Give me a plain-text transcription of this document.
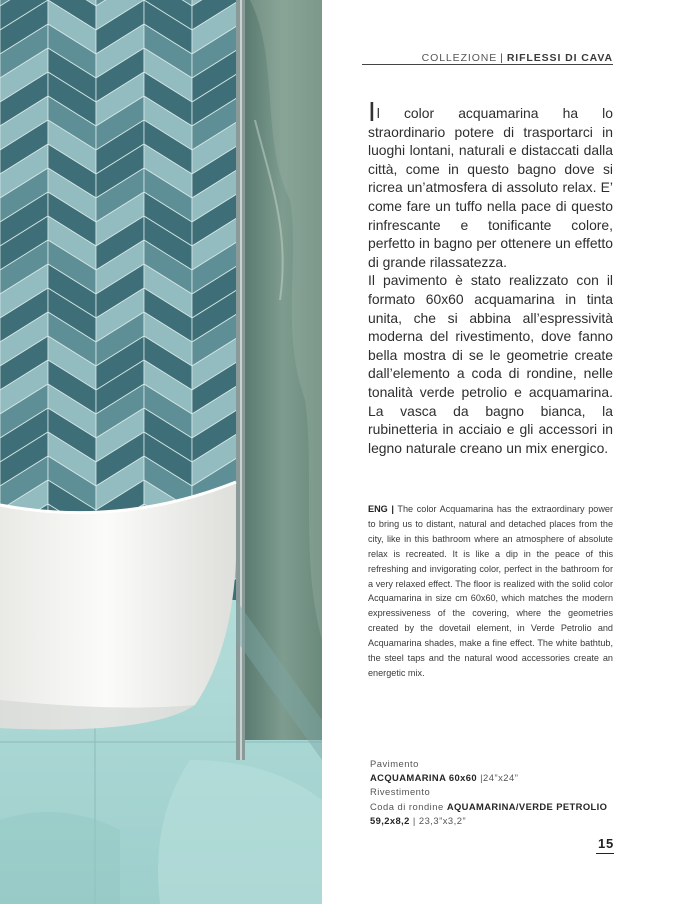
COLLEZIONE | RIFLESSI DI CAVA

Il color acquamarina ha lo straordinario potere di trasportarci in luoghi lontani, naturali e distaccati dalla città, come in questo bagno dove si ricrea un’atmosfera di assoluto relax. E’ come fare un tuffo nella pace di questo rinfrescante e tonificante colore, perfetto in bagno per ottenere un effetto di grande rilassatezza.

Il pavimento è stato realizzato con il formato 60x60 acquamarina in tinta unita, che si abbina all’espressività moderna del rivestimento, dove fanno bella mostra di se le geometrie create dall’elemento a coda di rondine, nelle tonalità verde petrolio e acquamarina. La vasca da bagno bianca, la rubinetteria in acciaio e gli accessori in legno naturale creano un mix energico.

ENG | The color Acquamarina has the extraordinary power to bring us to distant, natural and detached places from the city, like in this bathroom where an atmosphere of absolute relax is recreated. It is like a dip in the peace of this refreshing and invigorating color, perfect in the bathroom for a very relaxed effect. The floor is realized with the solid color Acquamarina in size cm 60x60, which matches the modern expressiveness of the covering, where the geometries created by the dovetail element, in Verde Petrolio and Acquamarina shades, make a fine effect. The white bathtub, the steel taps and the natural wood accessories create an energetic mix.
Pavimento
ACQUAMARINA 60x60 |24”x24”
Rivestimento
Coda di rondine AQUAMARINA/VERDE PETROLIO
59,2x8,2 | 23,3”x3,2”
15
